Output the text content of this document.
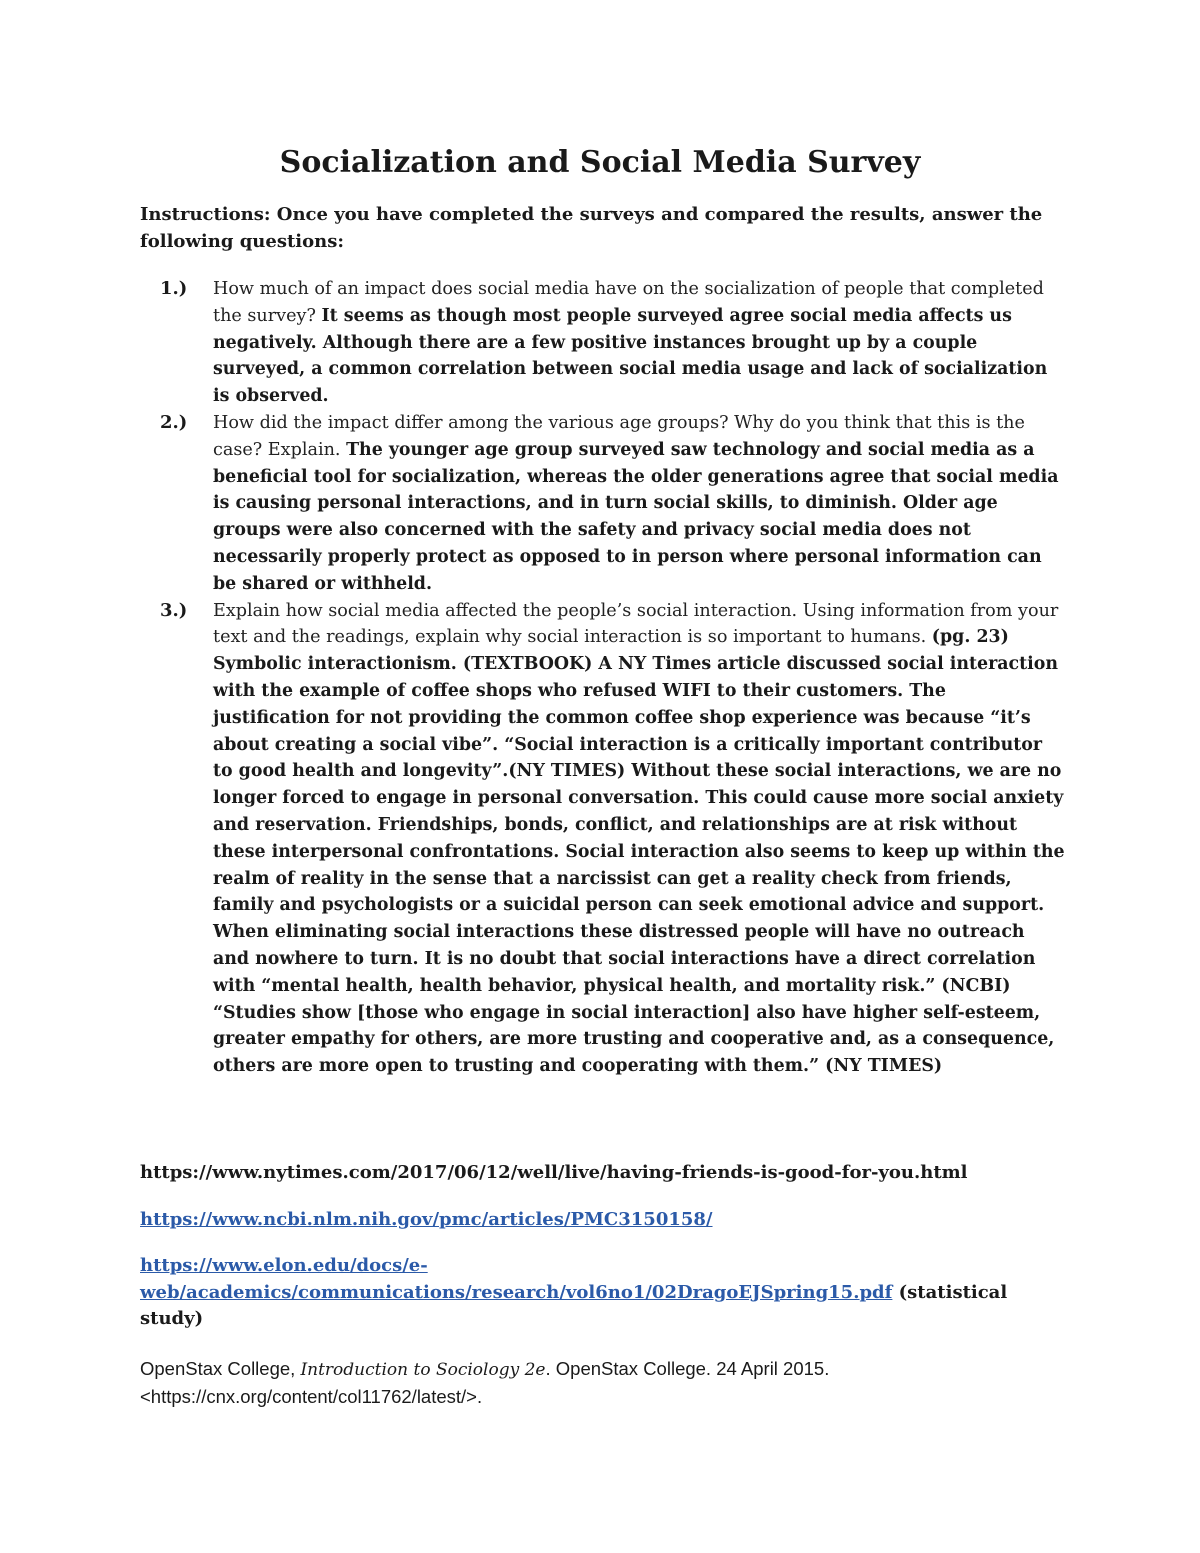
Socialization and Social Media Survey
Instructions: Once you have completed the surveys and compared the results, answer the following questions:
1.) How much of an impact does social media have on the socialization of people that completed the survey? It seems as though most people surveyed agree social media affects us negatively. Although there are a few positive instances brought up by a couple surveyed, a common correlation between social media usage and lack of socialization is observed.
2.) How did the impact differ among the various age groups? Why do you think that this is the case? Explain. The younger age group surveyed saw technology and social media as a beneficial tool for socialization, whereas the older generations agree that social media is causing personal interactions, and in turn social skills, to diminish. Older age groups were also concerned with the safety and privacy social media does not necessarily properly protect as opposed to in person where personal information can be shared or withheld.
3.) Explain how social media affected the people’s social interaction. Using information from your text and the readings, explain why social interaction is so important to humans. (pg. 23) Symbolic interactionism. (TEXTBOOK) A NY Times article discussed social interaction with the example of coffee shops who refused WIFI to their customers. The justification for not providing the common coffee shop experience was because “it’s about creating a social vibe”. “Social interaction is a critically important contributor to good health and longevity”.(NY TIMES) Without these social interactions, we are no longer forced to engage in personal conversation. This could cause more social anxiety and reservation. Friendships, bonds, conflict, and relationships are at risk without these interpersonal confrontations. Social interaction also seems to keep up within the realm of reality in the sense that a narcissist can get a reality check from friends, family and psychologists or a suicidal person can seek emotional advice and support. When eliminating social interactions these distressed people will have no outreach and nowhere to turn. It is no doubt that social interactions have a direct correlation with “mental health, health behavior, physical health, and mortality risk.” (NCBI) “Studies show [those who engage in social interaction] also have higher self-esteem, greater empathy for others, are more trusting and cooperative and, as a consequence, others are more open to trusting and cooperating with them.” (NY TIMES)

https://www.nytimes.com/2017/06/12/well/live/having-friends-is-good-for-you.html

https://www.ncbi.nlm.nih.gov/pmc/articles/PMC3150158/

https://www.elon.edu/docs/e-web/academics/communications/research/vol6no1/02DragoEJSpring15.pdf (statistical study)

OpenStax College, Introduction to Sociology 2e. OpenStax College. 24 April 2015. <https://cnx.org/content/col11762/latest/>.
